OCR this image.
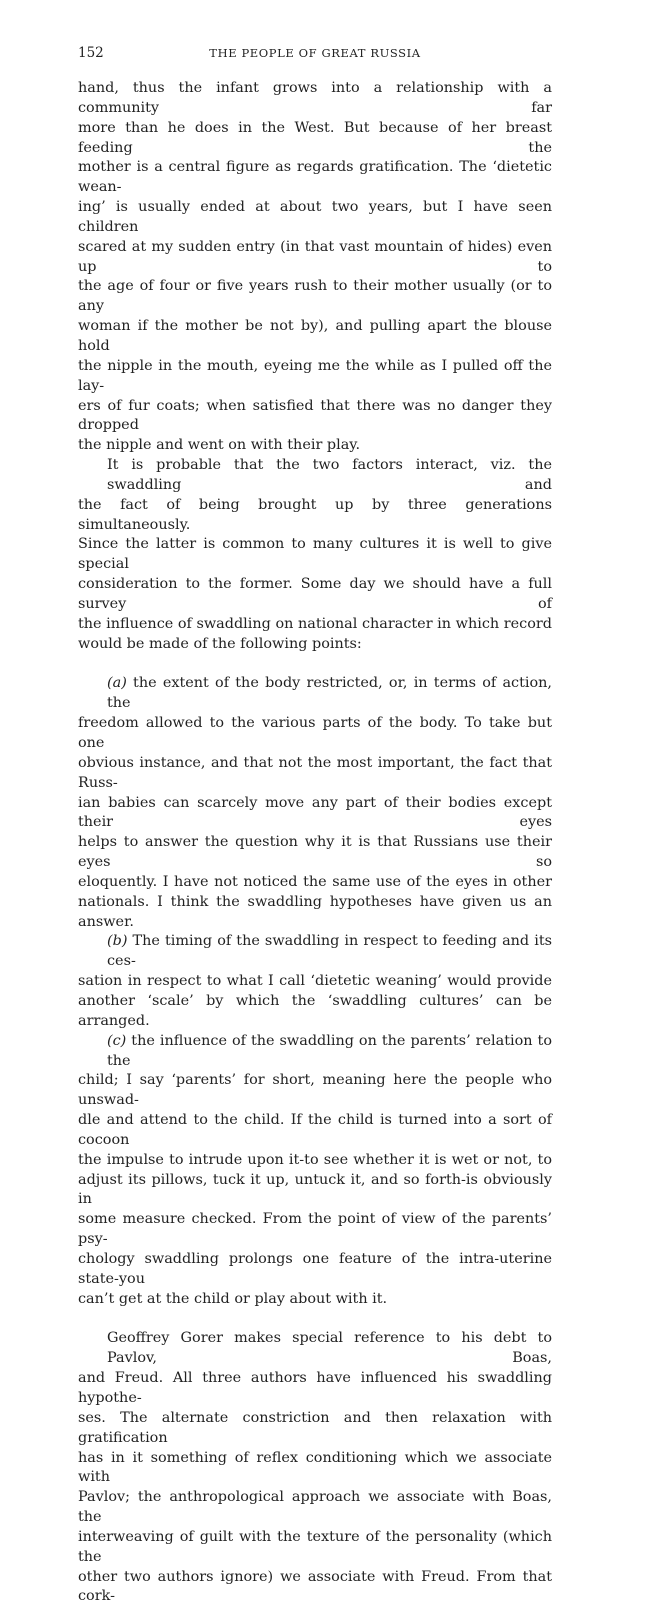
152	THE PEOPLE OF GREAT RUSSIA
hand, thus the infant grows into a relationship with a community far
more than he does in the West. But because of her breast feeding the
mother is a central figure as regards gratification. The ‘dietetic wean-
ing’ is usually ended at about two years, but I have seen children
scared at my sudden entry (in that vast mountain of hides) even up to
the age of four or five years rush to their mother usually (or to any
woman if the mother be not by), and pulling apart the blouse hold
the nipple in the mouth, eyeing me the while as I pulled off the lay-
ers of fur coats; when satisfied that there was no danger they dropped
the nipple and went on with their play.
It is probable that the two factors interact, viz. the swaddling and
the fact of being brought up by three generations simultaneously.
Since the latter is common to many cultures it is well to give special
consideration to the former. Some day we should have a full survey of
the influence of swaddling on national character in which record
would be made of the following points:
(a) the extent of the body restricted, or, in terms of action, the
freedom allowed to the various parts of the body. To take but one
obvious instance, and that not the most important, the fact that Russ-
ian babies can scarcely move any part of their bodies except their eyes
helps to answer the question why it is that Russians use their eyes so
eloquently. I have not noticed the same use of the eyes in other
nationals. I think the swaddling hypotheses have given us an answer.
(b) The timing of the swaddling in respect to feeding and its ces-
sation in respect to what I call ‘dietetic weaning’ would provide
another ‘scale’ by which the ‘swaddling cultures’ can be arranged.
(c) the influence of the swaddling on the parents’ relation to the
child; I say ‘parents’ for short, meaning here the people who unswad-
dle and attend to the child. If the child is turned into a sort of cocoon
the impulse to intrude upon it-to see whether it is wet or not, to
adjust its pillows, tuck it up, untuck it, and so forth-is obviously in
some measure checked. From the point of view of the parents’ psy-
chology swaddling prolongs one feature of the intra-uterine state-you
can’t get at the child or play about with it.
Geoffrey Gorer makes special reference to his debt to Pavlov, Boas,
and Freud. All three authors have influenced his swaddling hypothe-
ses. The alternate constriction and then relaxation with gratification
has in it something of reflex conditioning which we associate with
Pavlov; the anthropological approach we associate with Boas, the
interweaving of guilt with the texture of the personality (which the
other two authors ignore) we associate with Freud. From that cork-
